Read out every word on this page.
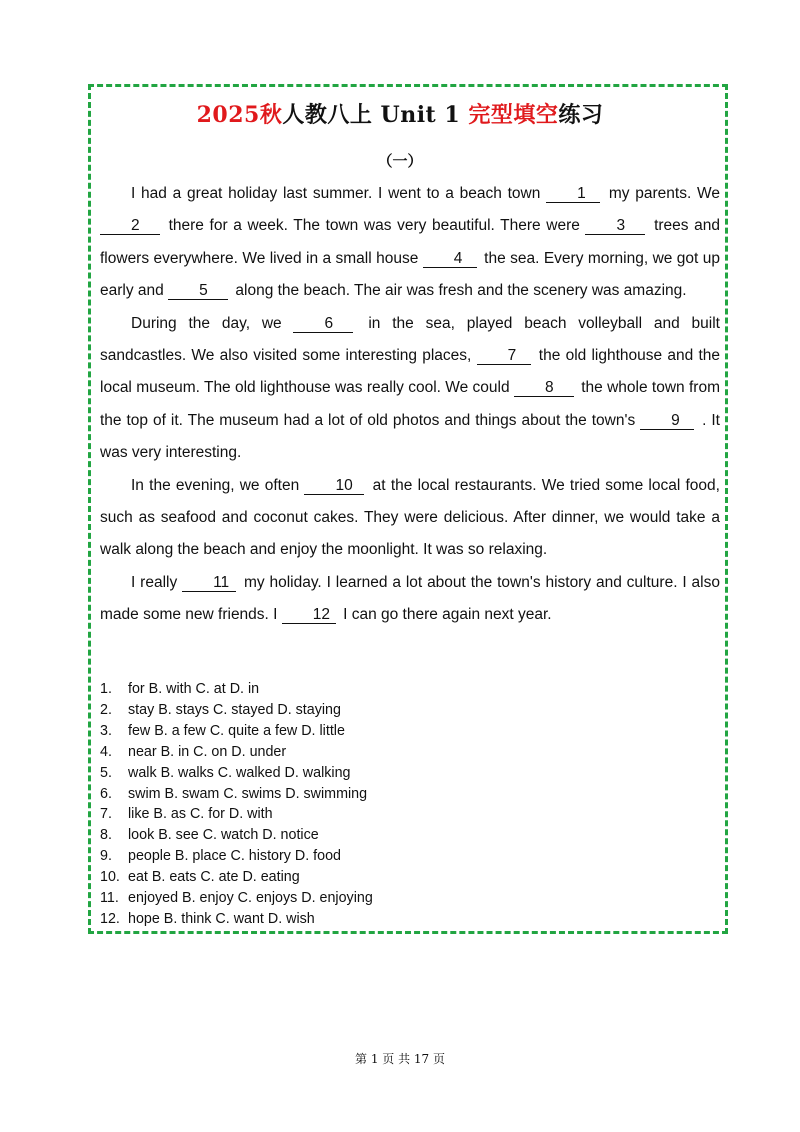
2025秋人教八上 Unit 1 完型填空练习
（一）

I had a great holiday last summer. I went to a beach town 1 my parents. We 2 there for a week. The town was very beautiful. There were 3 trees and flowers everywhere. We lived in a small house 4 the sea. Every morning, we got up early and 5 along the beach. The air was fresh and the scenery was amazing.

During the day, we 6 in the sea, played beach volleyball and built sandcastles. We also visited some interesting places, 7 the old lighthouse and the local museum. The old lighthouse was really cool. We could 8 the whole town from the top of it. The museum had a lot of old photos and things about the town's 9 . It was very interesting.

In the evening, we often 10 at the local restaurants. We tried some local food, such as seafood and coconut cakes. They were delicious. After dinner, we would take a walk along the beach and enjoy the moonlight. It was so relaxing.

I really 11 my holiday. I learned a lot about the town's history and culture. I also made some new friends. I 12 I can go there again next year.

1.	for B. with C. at D. in
2.	stay B. stays C. stayed D. staying
3.	few B. a few C. quite a few D. little
4.	near B. in C. on D. under
5.	walk B. walks C. walked D. walking
6.	swim B. swam C. swims D. swimming
7.	like B. as C. for D. with
8.	look B. see C. watch D. notice
9.	people B. place C. history D. food
10. eat B. eats C. ate D. eating
11. enjoyed B. enjoy C. enjoys D. enjoying
12. hope B. think C. want D. wish
第 1 页 共 17 页
